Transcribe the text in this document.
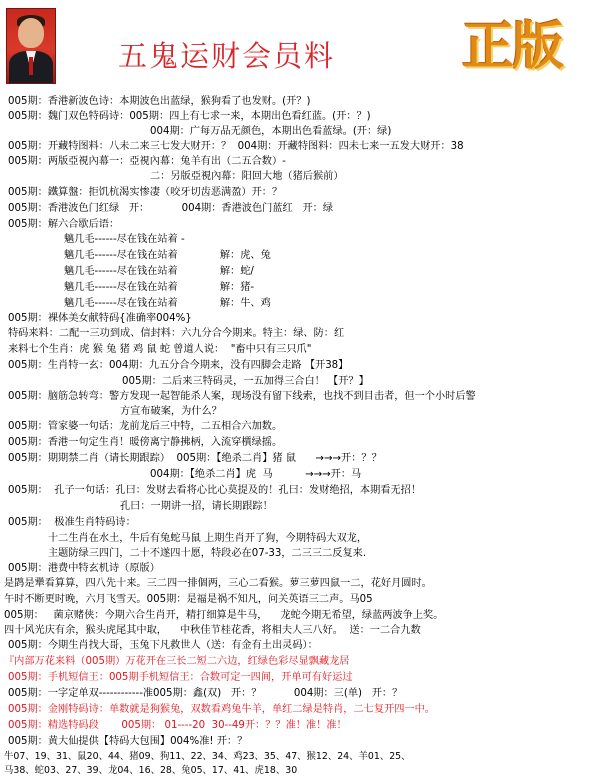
五鬼运财会员料 正版
005期：香港新波色诗：本期波色出蓝绿，猴狗看了也发财。(开？)
005期：魏门双色特码诗：005期：四上有七求一来，本期出色看红蓝。(开：？)
004期：广每万品无颜色，本期出色看蓝绿。(开：绿)
005期：开藏特图料：八未二来三七发大财开：？  004期：开藏特图料：四未七来一五发大财开：38
005期：两版亞視內幕一：亞視內幕：兔羊有出（二五合数）-
二：另版亞視內幕：阳回大地（猪后猴前）
005期：鐵算盤：拒饥杭渴实惨凄（咬牙切齿恶满盈）开：？
005期：香港波色门红绿   开：          004期：香港波色门蓝红   开：绿
005期：解六合歇后语：
魑几毛------尽在钱在站着 -
魑几毛------尽在钱在站着             解：虎、兔
魑几毛------尽在钱在站着             解：蛇/
魑几毛------尽在钱在站着             解：猪-
魑几毛------尽在钱在站着             解：牛、鸡
005期：裸体美女献特码{准确率004%}
特码来料：二配一三功到成、信封料：六九分合今期来。特主：绿、防：红
来料七个生肖：虎 猴 兔 猪 鸡 鼠 蛇 曾道人说：  "畜中只有三只爪"
005期：生肖特一玄：004期：九五分合今期来，没有四脚会走路 【开38】
005期：二后来三特码灵，一五加得三合白！ 【开？】
005期：脑筋急转弯：警方发现一起智能杀人案，现场没有留下线索，也找不到目击者，但一个小时后警
方宣布破案，为什么？
005期：管家婆一句话：龙前龙后三中特，二五相合六加数。
005期：香港一句定生肖！暖傍离宁静拂柄，入流穿櫍绿摇。
005期：期期禁二肖（请长期跟踪）  005期：【绝杀二肖】猪 鼠      →→→开：？？
004期：【绝杀二肖】虎  马          →→→开：马
005期：  孔子一句话：孔曰：发财去看将心比心莫提及的！孔曰：发财绝招，本期看无招！
孔曰：一期讲一招，请长期跟踪！
005期：  极准生肖特码诗：
十二生肖在水土，牛后有兔蛇马鼠 上期生肖开了狗，今期特码大双龙，
主题防绿三四门，二十不遂四十愿，特段必在07-33，二三三二反复来.
005期：港费中特玄机诗（原版）
是鹍是犟看算算，四八先十来。三二四一排個两，三心二看猴。萝三萝四鼠一二，花好月圆时。
午时不断更时晚，六月飞雪天。005期：是福是祸不知凡，问关英语三二声。马05
005期：   菌京赌侠：今期六合生肖开，精打细算是牛马，    龙蛇今期无希望，绿蓝两波争上奖。
四十风光庆有余，猴头虎尾其中取，    中秋佳节桂花香，将相夫人三八好。  送：一二合九数
005期：今期生肖找大哥，玉兔下凡救世人（送：有金有土出灵码）：
『内部万花来料（005期）万花开在三长二短二六边，红绿色彩尽显飘藏龙居
005期：手机短信王：005期手机短信王：合数可定一四间，开单可有好运过
005期：一字定单双------------准005期：鑫(双)   开：？          004期：三(单)   开：？
005期：金刚特码诗：单数就是狗猴兔，双数看鸡兔牛羊，单红二绿是特肖，二七复开四一中。
005期：精选特码段       005期： 01----20  30--49开：？？准！准！准！
005期：黄大仙提供【特码大包围】004%准! 开：？
牛07、19、31、鼠20、44、猪09、狗11、22、34、鸡23、35、47、猴12、24、羊01、25、
马38、蛇03、27、39、龙04、16、28、兔05、17、41、虎18、30
